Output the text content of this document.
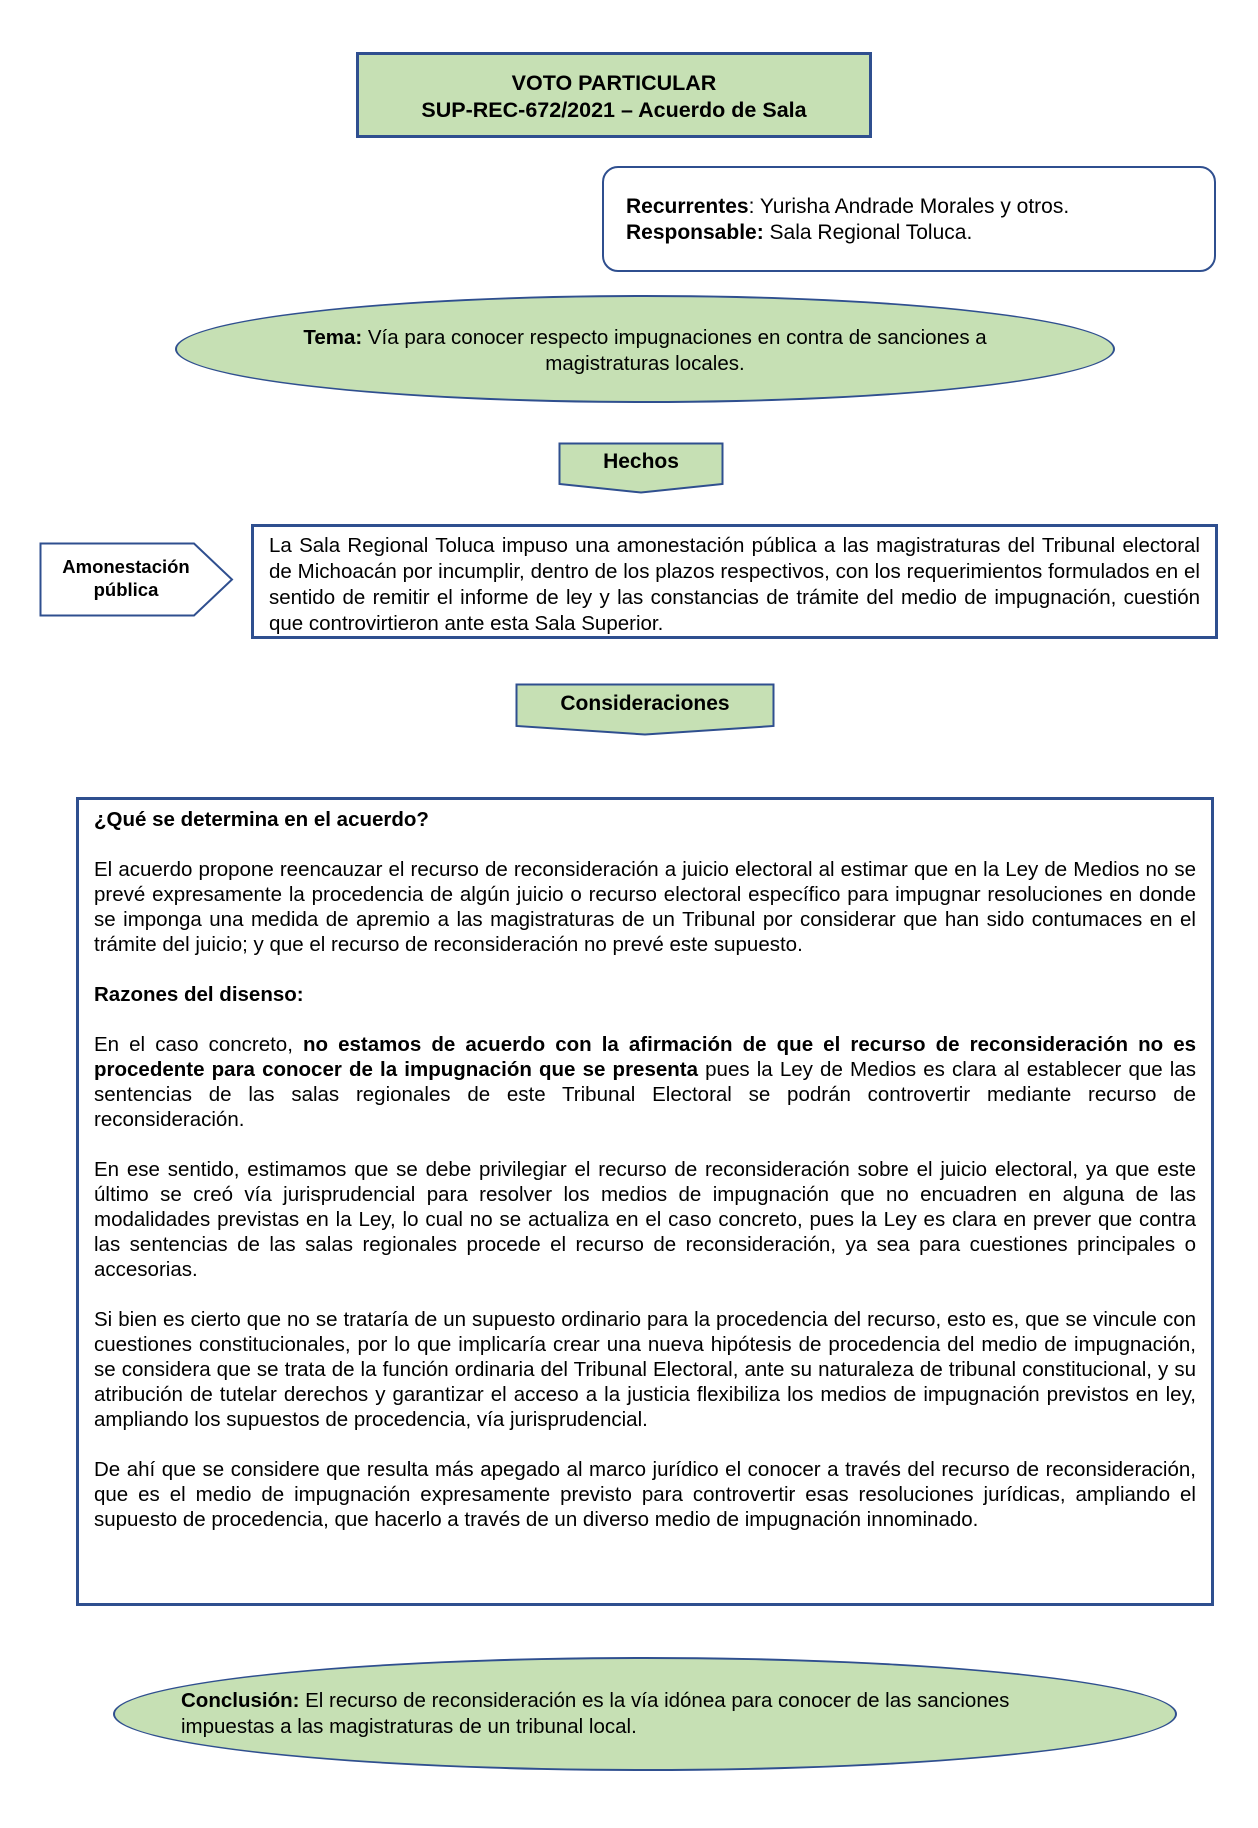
VOTO PARTICULAR
SUP-REC-672/2021 – Acuerdo de Sala
Recurrentes: Yurisha Andrade Morales y otros.
Responsable: Sala Regional Toluca.
Tema: Vía para conocer respecto impugnaciones en contra de sanciones a magistraturas locales.
Hechos
Amonestación
pública
La Sala Regional Toluca impuso una amonestación pública a las magistraturas del Tribunal electoral de Michoacán por incumplir, dentro de los plazos respectivos, con los requerimientos formulados en el sentido de remitir el informe de ley y las constancias de trámite del medio de impugnación, cuestión que controvirtieron ante esta Sala Superior.
Consideraciones

¿Qué se determina en el acuerdo?

El acuerdo propone reencauzar el recurso de reconsideración a juicio electoral al estimar que en la Ley de Medios no se prevé expresamente la procedencia de algún juicio o recurso electoral específico para impugnar resoluciones en donde se imponga una medida de apremio a las magistraturas de un Tribunal por considerar que han sido contumaces en el trámite del juicio; y que el recurso de reconsideración no prevé este supuesto.

Razones del disenso:

En el caso concreto, no estamos de acuerdo con la afirmación de que el recurso de reconsideración no es procedente para conocer de la impugnación que se presenta pues la Ley de Medios es clara al establecer que las sentencias de las salas regionales de este Tribunal Electoral se podrán controvertir mediante recurso de reconsideración.

En ese sentido, estimamos que se debe privilegiar el recurso de reconsideración sobre el juicio electoral, ya que este último se creó vía jurisprudencial para resolver los medios de impugnación que no encuadren en alguna de las modalidades previstas en la Ley, lo cual no se actualiza en el caso concreto, pues la Ley es clara en prever que contra las sentencias de las salas regionales procede el recurso de reconsideración, ya sea para cuestiones principales o accesorias.

Si bien es cierto que no se trataría de un supuesto ordinario para la procedencia del recurso, esto es, que se vincule con cuestiones constitucionales, por lo que implicaría crear una nueva hipótesis de procedencia del medio de impugnación, se considera que se trata de la función ordinaria del Tribunal Electoral, ante su naturaleza de tribunal constitucional, y su atribución de tutelar derechos y garantizar el acceso a la justicia flexibiliza los medios de impugnación previstos en ley, ampliando los supuestos de procedencia, vía jurisprudencial.

De ahí que se considere que resulta más apegado al marco jurídico el conocer a través del recurso de reconsideración, que es el medio de impugnación expresamente previsto para controvertir esas resoluciones jurídicas, ampliando el supuesto de procedencia, que hacerlo a través de un diverso medio de impugnación innominado.

Conclusión: El recurso de reconsideración es la vía idónea para conocer de las sanciones impuestas a las magistraturas de un tribunal local.
